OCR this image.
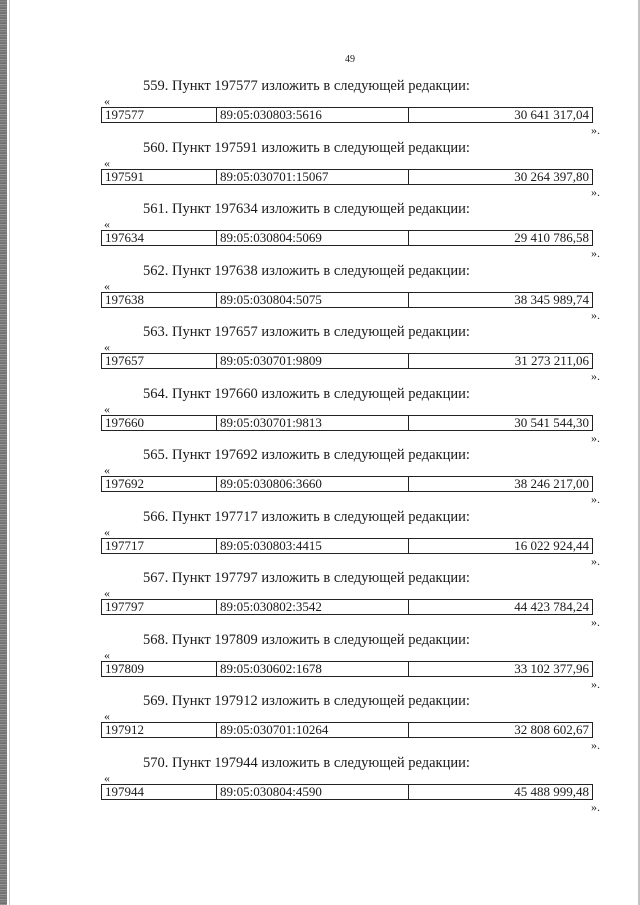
49
559. Пункт 197577 изложить в следующей редакции:
«
197577	89:05:030803:5616	30 641 317,04
».
560. Пункт 197591 изложить в следующей редакции:
«
197591	89:05:030701:15067	30 264 397,80
».
561. Пункт 197634 изложить в следующей редакции:
«
197634	89:05:030804:5069	29 410 786,58
».
562. Пункт 197638 изложить в следующей редакции:
«
197638	89:05:030804:5075	38 345 989,74
».
563. Пункт 197657 изложить в следующей редакции:
«
197657	89:05:030701:9809	31 273 211,06
».
564. Пункт 197660 изложить в следующей редакции:
«
197660	89:05:030701:9813	30 541 544,30
».
565. Пункт 197692 изложить в следующей редакции:
«
197692	89:05:030806:3660	38 246 217,00
».
566. Пункт 197717 изложить в следующей редакции:
«
197717	89:05:030803:4415	16 022 924,44
».
567. Пункт 197797 изложить в следующей редакции:
«
197797	89:05:030802:3542	44 423 784,24
».
568. Пункт 197809 изложить в следующей редакции:
«
197809	89:05:030602:1678	33 102 377,96
».
569. Пункт 197912 изложить в следующей редакции:
«
197912	89:05:030701:10264	32 808 602,67
».
570. Пункт 197944 изложить в следующей редакции:
«
197944	89:05:030804:4590	45 488 999,48
».
